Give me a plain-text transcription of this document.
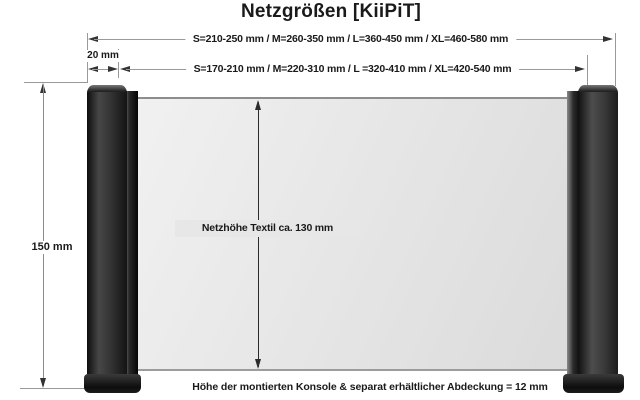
Netzgrößen [KiiPiT]
S=210-250 mm / M=260-350 mm / L=360-450 mm / XL=460-580 mm
20 mm
S=170-210 mm / M=220-310 mm / L =320-410 mm / XL=420-540 mm
150 mm
Netzhöhe Textil ca. 130 mm
Höhe der montierten Konsole & separat erhältlicher Abdeckung = 12 mm
